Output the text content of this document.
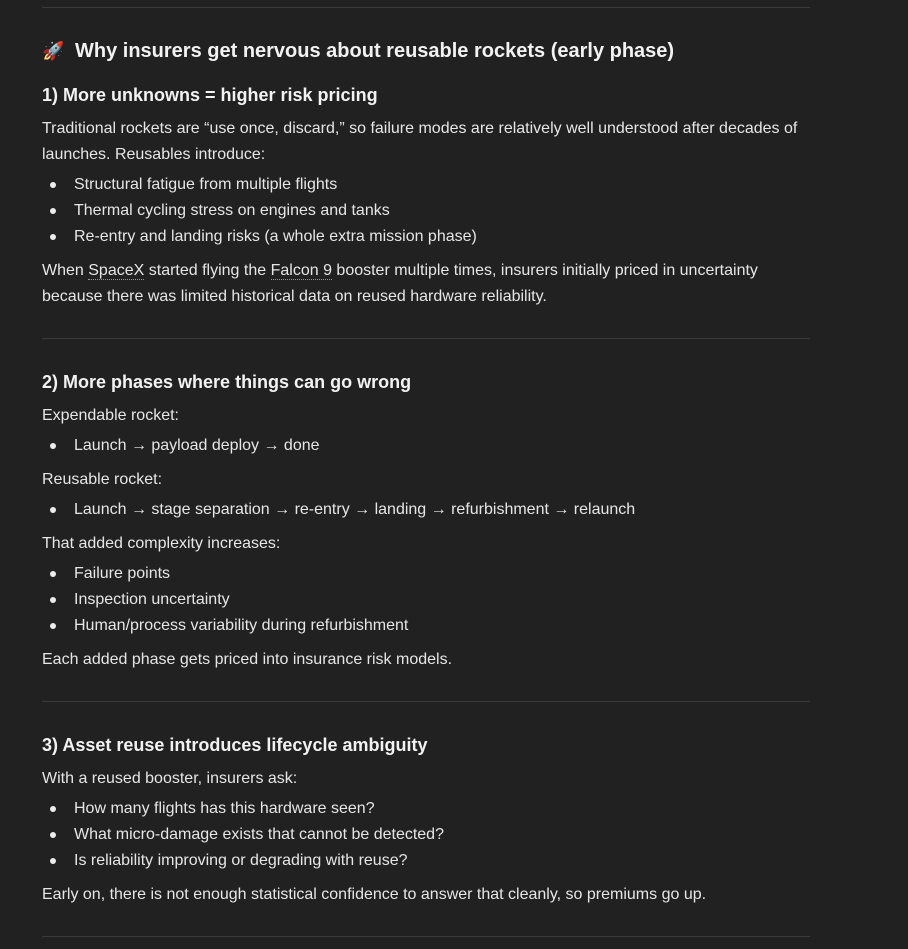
🚀 Why insurers get nervous about reusable rockets (early phase)
1) More unknowns = higher risk pricing
Traditional rockets are “use once, discard,” so failure modes are relatively well understood after decades of launches. Reusables introduce:
Structural fatigue from multiple flights
Thermal cycling stress on engines and tanks
Re-entry and landing risks (a whole extra mission phase)
When SpaceX started flying the Falcon 9 booster multiple times, insurers initially priced in uncertainty because there was limited historical data on reused hardware reliability.
2) More phases where things can go wrong
Expendable rocket:
Launch → payload deploy → done
Reusable rocket:
Launch → stage separation → re-entry → landing → refurbishment → relaunch
That added complexity increases:
Failure points
Inspection uncertainty
Human/process variability during refurbishment
Each added phase gets priced into insurance risk models.
3) Asset reuse introduces lifecycle ambiguity
With a reused booster, insurers ask:
How many flights has this hardware seen?
What micro-damage exists that cannot be detected?
Is reliability improving or degrading with reuse?
Early on, there is not enough statistical confidence to answer that cleanly, so premiums go up.
